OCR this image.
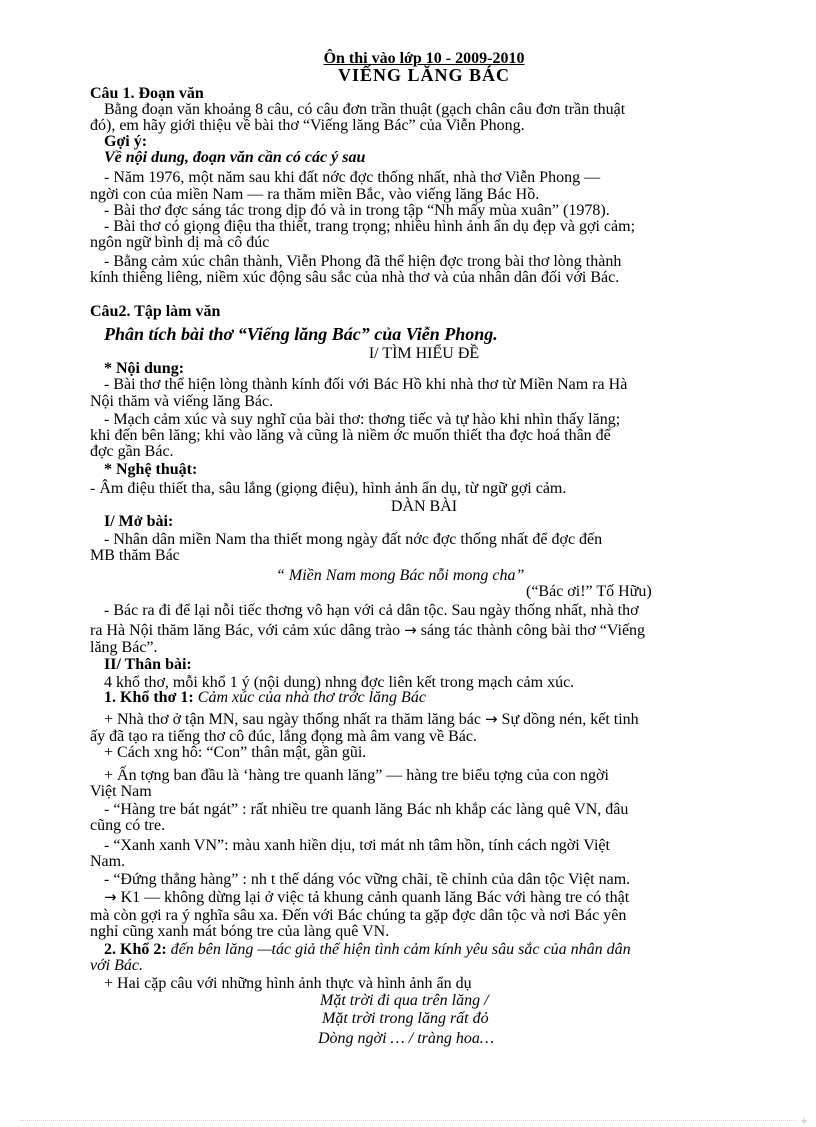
Ôn thi vào lớp 10 - 2009-2010
VIẾNG LĂNG BÁC
Câu 1. Đoạn văn
Bằng đoạn văn khoảng 8 câu, có câu đơn trần thuật (gạch chân câu đơn trần thuật
đó), em hãy giới thiệu về bài thơ “Viếng lăng Bác” của Viễn Phong.
Gợi ý:
Về nội dung, đoạn văn cần có các ý sau
- Năm 1976, một năm sau khi đất nớc đợc thống nhất, nhà thơ Viễn Phong —
ngời con của miền Nam — ra thăm miền Bắc, vào viếng lăng Bác Hồ.
- Bài thơ đợc sáng tác trong dịp đó và in trong tập “Nh mấy mùa xuân” (1978).
- Bài thơ có giọng điệu tha thiết, trang trọng; nhiều hình ảnh ẩn dụ đẹp và gợi cảm;
ngôn ngữ bình dị mà cô đúc
- Bằng cảm xúc chân thành, Viễn Phong đã thể hiện đợc trong bài thơ lòng thành
kính thiêng liêng, niềm xúc động sâu sắc của nhà thơ và của nhân dân đối với Bác.
Câu2. Tập làm văn
Phân tích bài thơ “Viếng lăng Bác” của Viễn Phong.
I/ TÌM HIỂU ĐỀ
* Nội dung:
- Bài thơ thể hiện lòng thành kính đối với Bác Hồ khi nhà thơ từ Miền Nam ra Hà
Nội thăm và viếng lăng Bác.
- Mạch cảm xúc và suy nghĩ của bài thơ: thơng tiếc và tự hào khi nhìn thấy lăng;
khi đến bên lăng; khi vào lăng và cũng là niềm ớc muốn thiết tha đợc hoá thân để
đợc gần Bác.
* Nghệ thuật:
- Âm điệu thiết tha, sâu lắng (giọng điệu), hình ảnh ẩn dụ, từ ngữ gợi cảm.
DÀN BÀI
I/ Mở bài:
- Nhân dân miền Nam tha thiết mong ngày đất nớc đợc thống nhất để đợc đến
MB thăm Bác
“ Miền Nam mong Bác nỗi mong cha”
(“Bác ơi!” Tố Hữu)
- Bác ra đi để lại nỗi tiếc thơng vô hạn với cả dân tộc. Sau ngày thống nhất, nhà thơ
ra Hà Nội thăm lăng Bác, với cảm xúc dâng trào → sáng tác thành công bài thơ “Viếng
lăng Bác”.
II/ Thân bài:
4 khổ thơ, mỗi khổ 1 ý (nội dung) nhng đợc liên kết trong mạch cảm xúc.
1. Khổ thơ 1: Cảm xúc của nhà thơ trớc lăng Bác
+ Nhà thơ ở tận MN, sau ngày thống nhất ra thăm lăng bác → Sự dồng nén, kết tinh
ấy đã tạo ra tiếng thơ cô đúc, lắng đọng mà âm vang về Bác.
+ Cách xng hô: “Con” thân mật, gần gũi.
+ Ấn tợng ban đầu là ‘hàng tre quanh lăng” — hàng tre biểu tợng của con ngời
Việt Nam
- “Hàng tre bát ngát” : rất nhiều tre quanh lăng Bác nh khắp các làng quê VN, đâu
cũng có tre.
- “Xanh xanh VN”: màu xanh hiền dịu, tơi mát nh tâm hồn, tính cách ngời Việt
Nam.
- “Đứng thẳng hàng” : nh t thế dáng vóc vững chãi, tề chỉnh của dân tộc Việt nam.
→ K1 — không dừng lại ở việc tả khung cảnh quanh lăng Bác với hàng tre có thật
mà còn gợi ra ý nghĩa sâu xa. Đến với Bác chúng ta gặp đợc dân tộc và nơi Bác yên
nghỉ cũng xanh mát bóng tre của làng quê VN.
2. Khổ 2: đến bên lăng —tác giả thể hiện tình cảm kính yêu sâu sắc của nhân dân
với Bác.
+ Hai cặp câu với những hình ảnh thực và hình ảnh ẩn dụ
Mặt trời đi qua trên lăng /
Mặt trời trong lăng rất đỏ
Dòng ngời … / tràng hoa…
+
